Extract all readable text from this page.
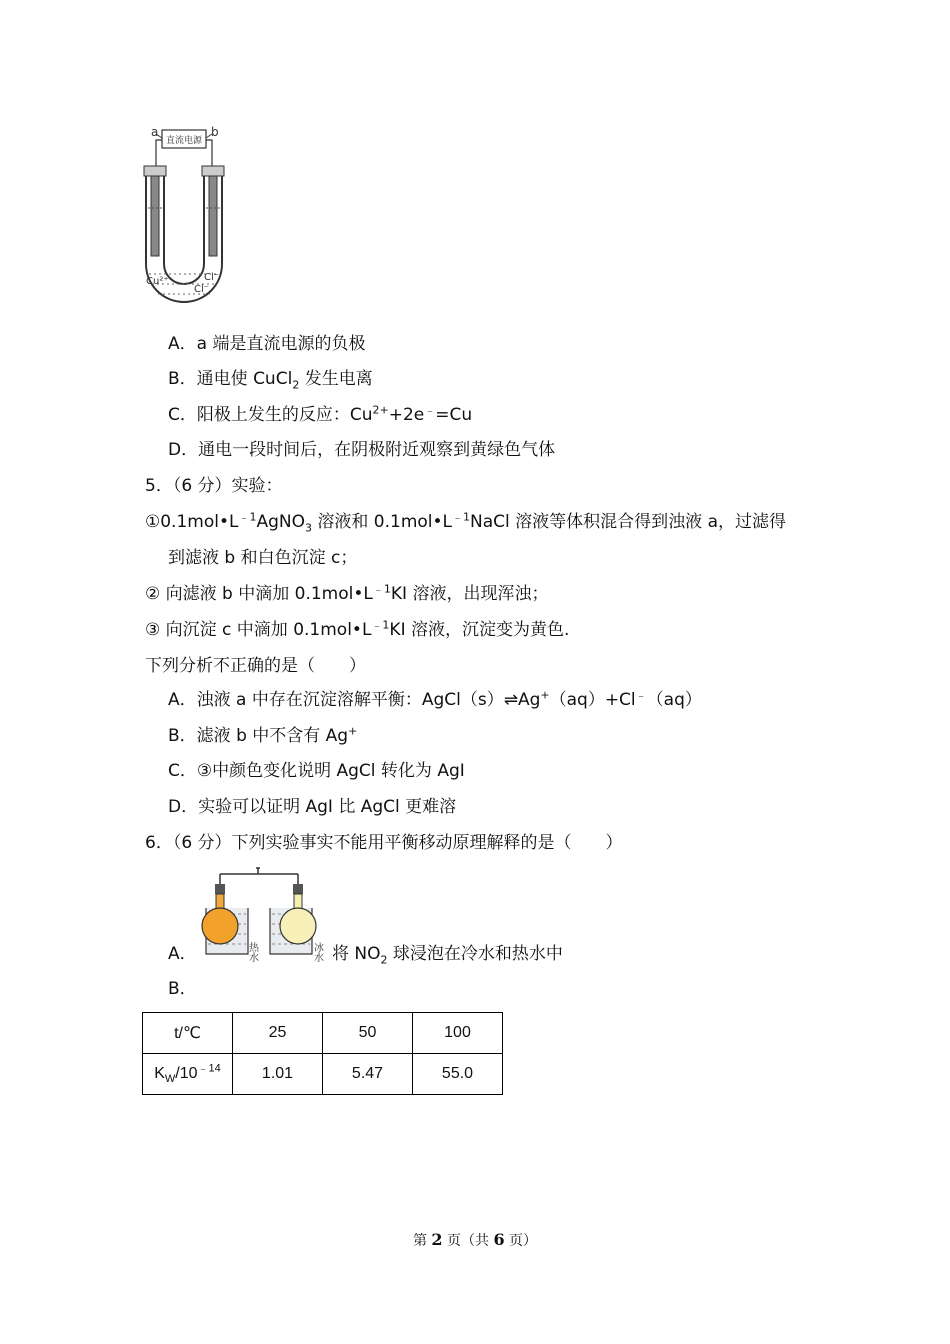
a	b
直流电源
Cu²⁺	Cl⁻
Cl⁻
A．a 端是直流电源的负极
B．通电使 CuCl$_2$ 发生电离
C．阳极上发生的反应：$Cu^{2+}+2e^﹣=Cu$
D．通电一段时间后，在阴极附近观察到黄绿色气体
5．（6 分）实验：
$①0.1mol•L^{﹣1}AgNO_3$ 溶液和 $0.1mol•L^{﹣1}NaCl$ 溶液等体积混合得到浊液 a，过滤得
到滤液 b 和白色沉淀 c；
② 向滤液 b 中滴加 $0.1mol•L^{﹣1}KI$ 溶液，出现浑浊；
③ 向沉淀 c 中滴加 $0.1mol•L^{﹣1}KI$ 溶液，沉淀变为黄色.
下列分析不正确的是（　　）
A．浊液 a 中存在沉淀溶解平衡：AgCl（s）⇌Ag+（aq）+Cl﹣（aq）
B．滤液 b 中不含有 Ag+
C．③中颜色变化说明 AgCl 转化为 AgI
D．实验可以证明 AgI 比 AgCl 更难溶
6．（6 分）下列实验事实不能用平衡移动原理解释的是（　　）
A．	热水	冰水 将 $NO_2$ 球浸泡在冷水和热水中
B．
t/℃	25	50	100
$K_W/10^{﹣14}$	1.01	5.47	55.0
第 2 页（共 6 页）
